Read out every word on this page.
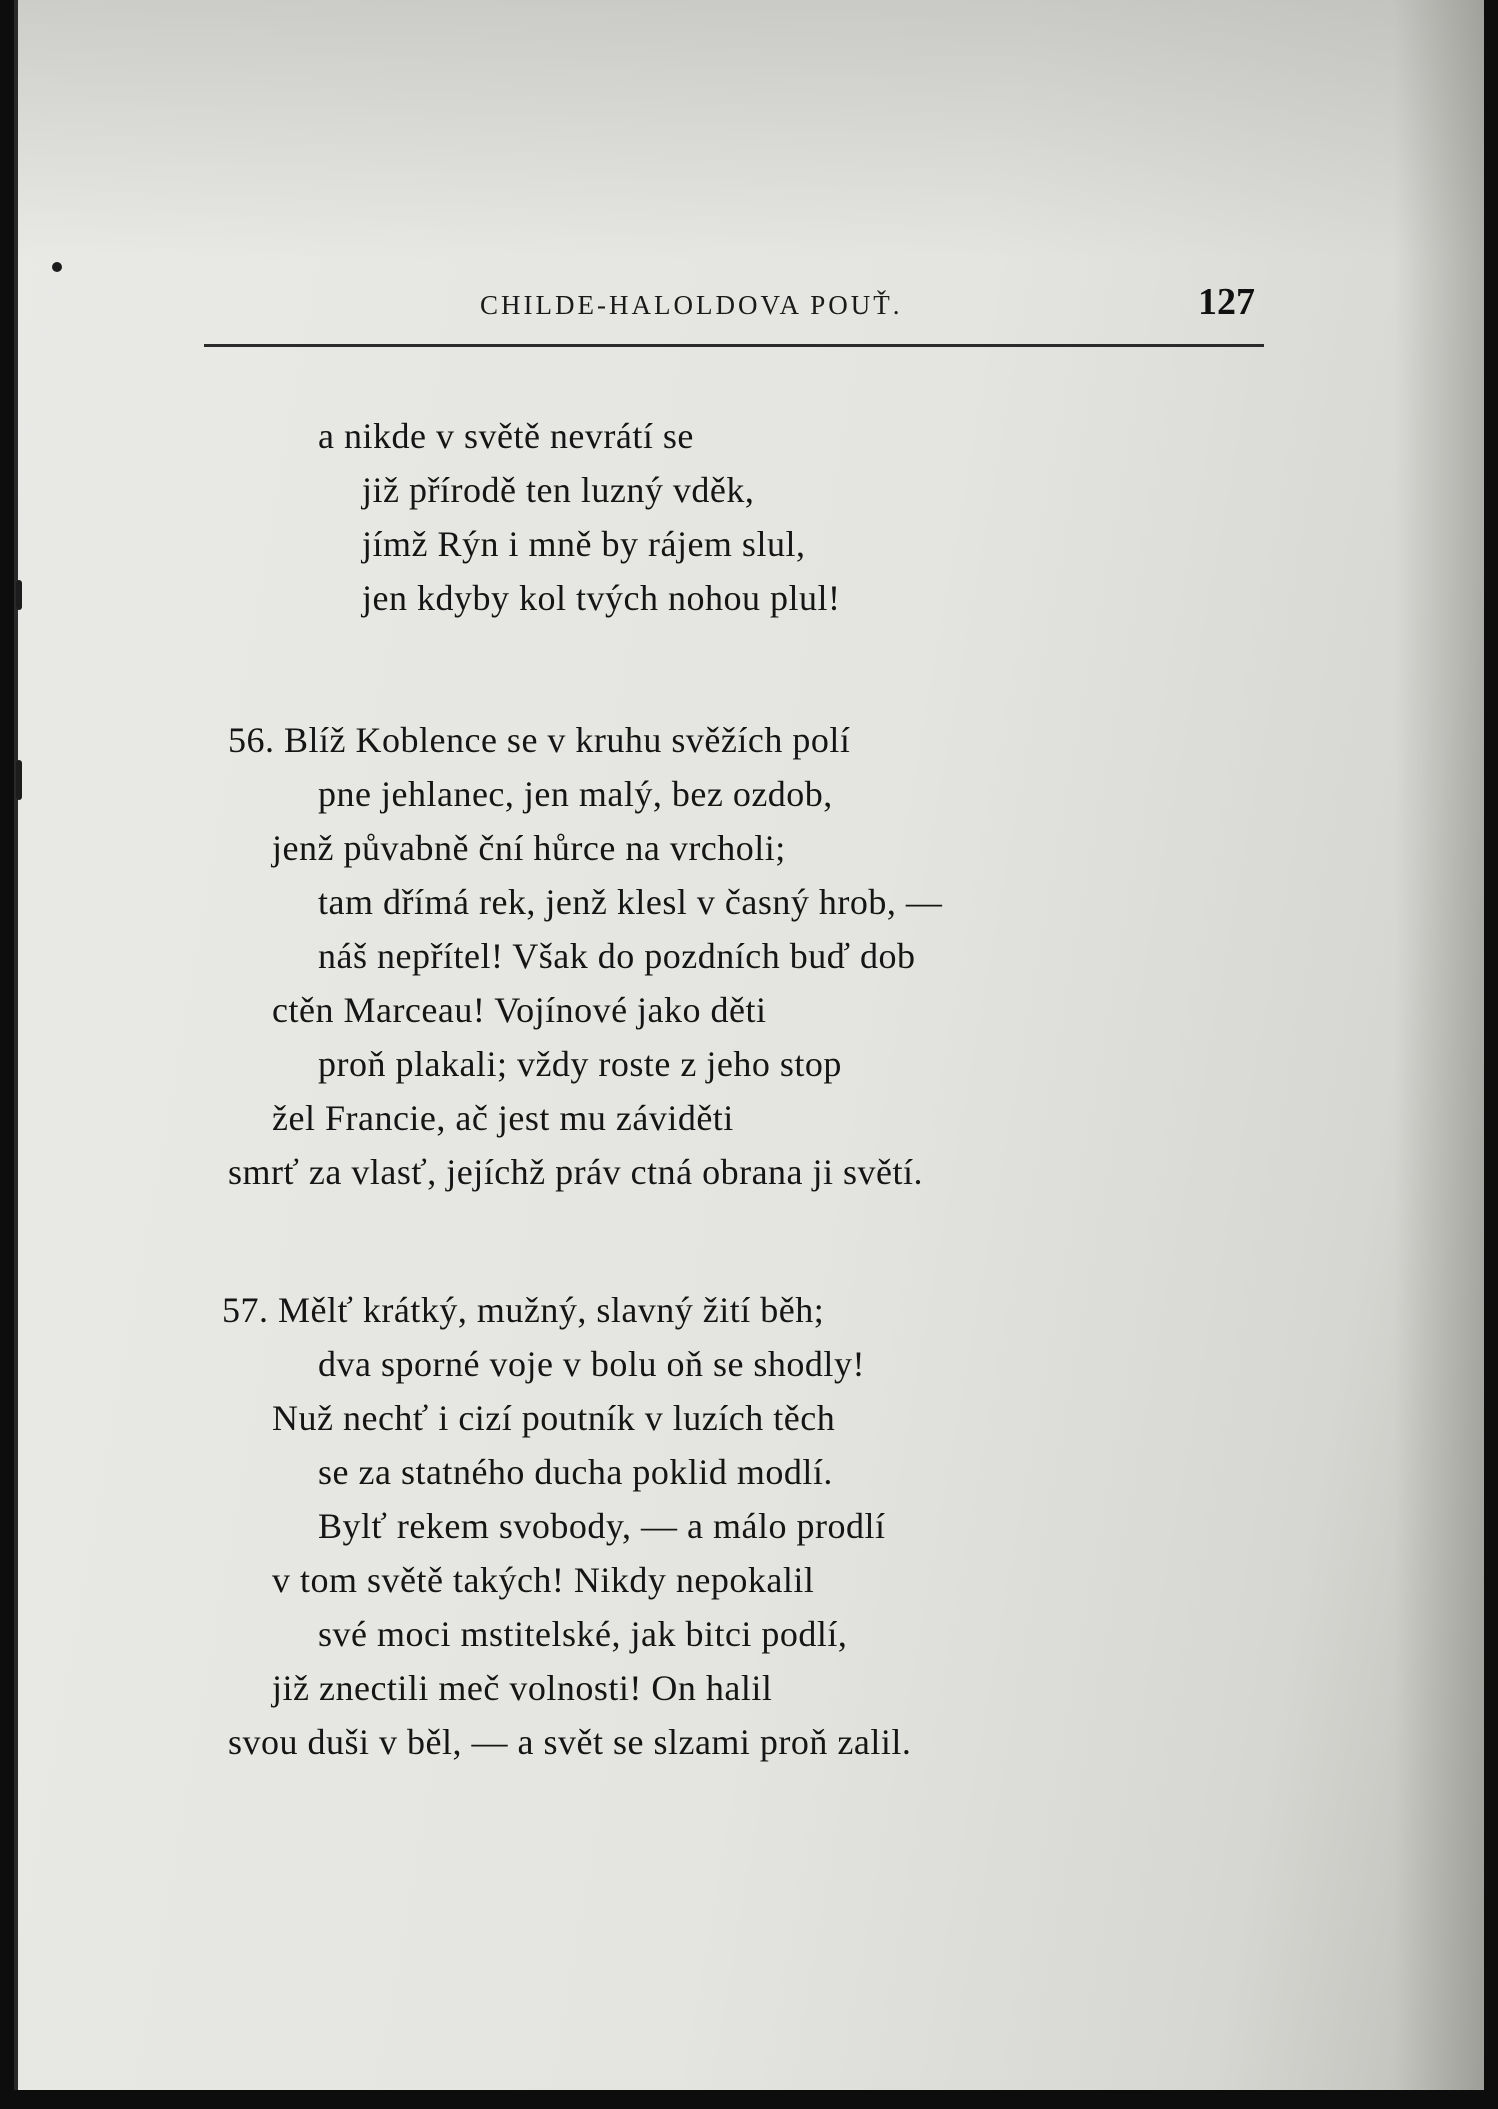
CHILDE-HALOLDOVA POUŤ.	127
a nikde v světě nevrátí se
již přírodě ten luzný vděk,
jímž Rýn i mně by rájem slul,
jen kdyby kol tvých nohou plul!
56. Blíž Koblence se v kruhu svěžích polí
pne jehlanec, jen malý, bez ozdob,
jenž půvabně ční hůrce na vrcholi;
tam dřímá rek, jenž klesl v časný hrob, —
náš nepřítel! Však do pozdních buď dob
ctěn Marceau! Vojínové jako děti
proň plakali; vždy roste z jeho stop
žel Francie, ač jest mu záviděti
smrť za vlasť, jejíchž práv ctná obrana ji světí.
57. Mělť krátký, mužný, slavný žití běh;
dva sporné voje v bolu oň se shodly!
Nuž nechť i cizí poutník v luzích těch
se za statného ducha poklid modlí.
Bylť rekem svobody, — a málo prodlí
v tom světě takých! Nikdy nepokalil
své moci mstitelské, jak bitci podlí,
již znectili meč volnosti! On halil
svou duši v běl, — a svět se slzami proň zalil.
